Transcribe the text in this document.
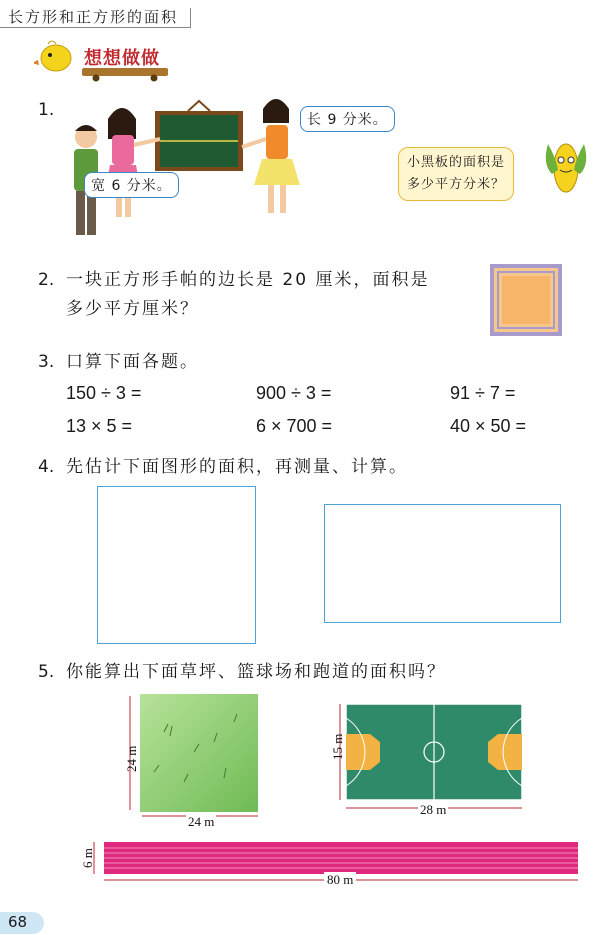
长方形和正方形的面积
想想做做
1.
宽 6 分米。
长 9 分米。
小黑板的面积是
多少平方分米？
2. 一块正方形手帕的边长是 20 厘米，面积是
多少平方厘米？
3. 口算下面各题。
150 ÷ 3 =	900 ÷ 3 =	91 ÷ 7 =
13 × 5 =	6 × 700 =	40 × 50 =
4. 先估计下面图形的面积，再测量、计算。
5. 你能算出下面草坪、篮球场和跑道的面积吗？
24 m
24 m
15 m
28 m
6 m
80 m
68
